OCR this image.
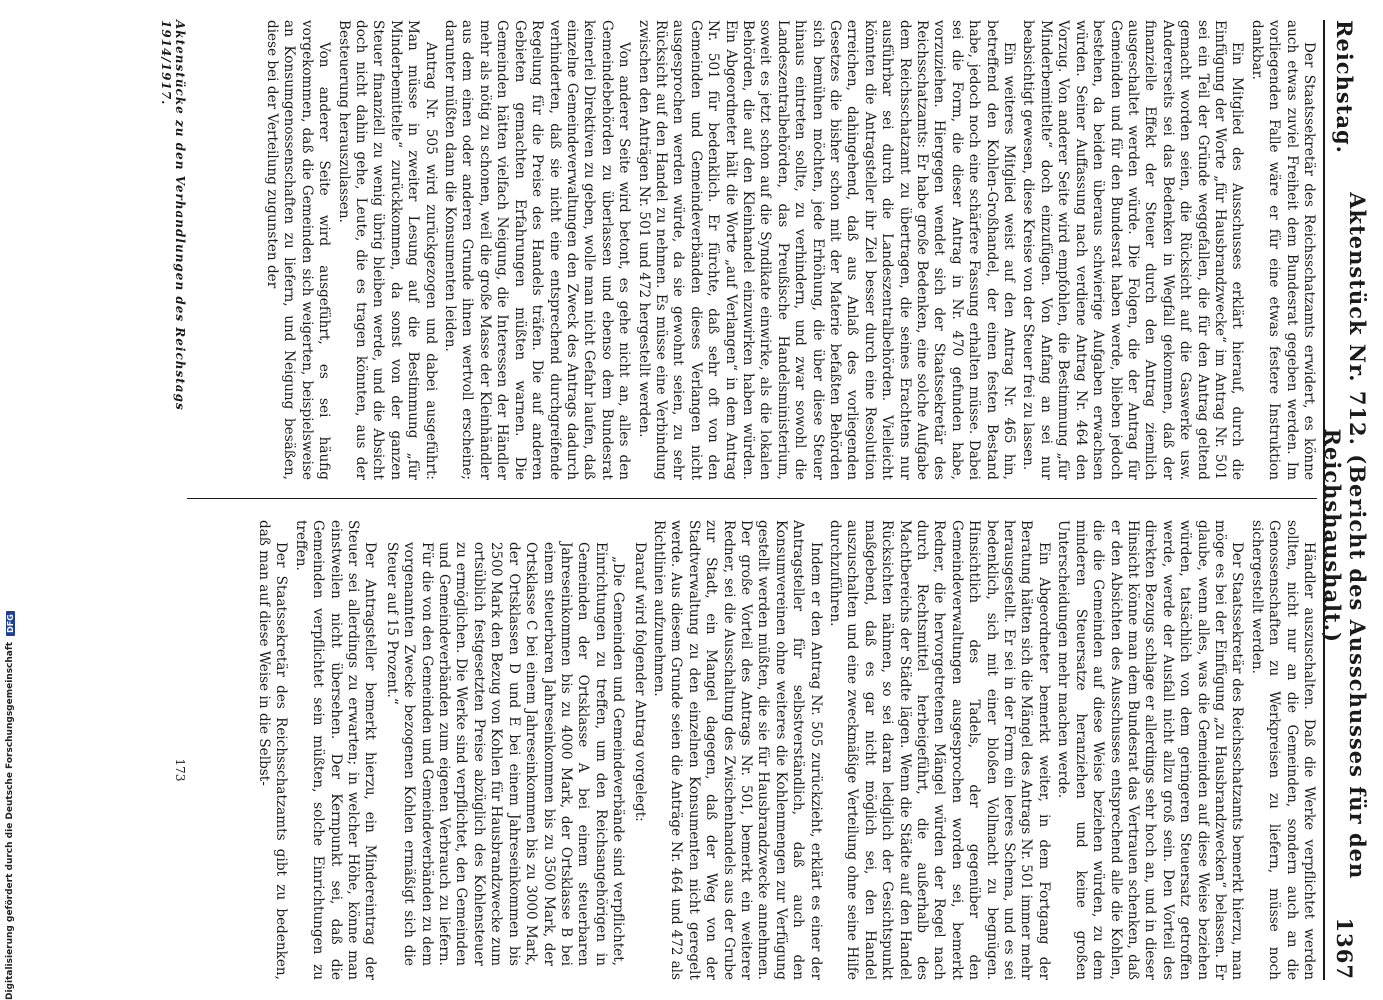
Reichstag.
Aktenstück Nr. 712. (Bericht des Ausschusses für den Reichshaushalt.)
1367

Der Staatssekretär des Reichsschatzamts erwidert, es könne auch etwas zuviel Freiheit dem Bundesrat gegeben werden. Im vorliegenden Falle wäre er für eine etwas festere Instruktion dankbar.

Ein Mitglied des Ausschusses erklärt hierauf, durch die Einfügung der Worte „für Hausbrandzwecke“ im Antrag Nr. 501 sei ein Teil der Gründe weggefallen, die für den Antrag geltend gemacht worden seien, die Rücksicht auf die Gaswerke usw. Andererseits sei das Bedenken in Wegfall gekommen, daß der finanzielle Effekt der Steuer durch den Antrag ziemlich ausgeschaltet werden würde. Die Folgen, die der Antrag für Gemeinden und für den Bundesrat haben werde, blieben jedoch bestehen, da beiden überaus schwierige Aufgaben erwachsen würden. Seiner Auffassung nach verdiene Antrag Nr. 464 den Vorzug. Von anderer Seite wird empfohlen, die Bestimmung „für Minderbemittelte“ doch einzufügen. Von Anfang an sei nur beabsichtigt gewesen, diese Kreise von der Steuer frei zu lassen.

Ein weiteres Mitglied weist auf den Antrag Nr. 465 hin, betreffend den Kohlen-Großhandel, der einen festen Bestand habe, jedoch noch eine schärfere Fassung erhalten müsse. Dabei sei die Form, die dieser Antrag in Nr. 470 gefunden habe, vorzuziehen. Hiergegen wendet sich der Staatssekretär des Reichsschatzamts: Er habe große Bedenken, eine solche Aufgabe dem Reichsschatzamt zu übertragen, die seines Erachtens nur ausführbar sei durch die Landeszentralbehörden. Vielleicht könnten die Antragsteller ihr Ziel besser durch eine Resolution erreichen, dahingehend, daß aus Anlaß des vorliegenden Gesetzes die bisher schon mit der Materie befaßten Behörden sich bemühen möchten, jede Erhöhung, die über diese Steuer hinaus eintreten sollte, zu verhindern, und zwar sowohl die Landeszentralbehörden, das Preußische Handelsministerium, soweit es jetzt schon auf die Syndikate einwirke, als die lokalen Behörden, die auf den Kleinhandel einzuwirken haben würden. Ein Abgeordneter hält die Worte „auf Verlangen“ in dem Antrag Nr. 501 für bedenklich. Er fürchte, daß sehr oft von den Gemeinden und Gemeindeverbänden dieses Verlangen nicht ausgesprochen werden würde, da sie gewohnt seien, zu sehr Rücksicht auf den Handel zu nehmen. Es müsse eine Verbindung zwischen den Anträgen Nr. 501 und 472 hergestellt werden.

Von anderer Seite wird betont, es gehe nicht an, alles den Gemeindebehörden zu überlassen und ebenso dem Bundesrat keinerlei Direktiven zu geben, wolle man nicht Gefahr laufen, daß einzelne Gemeindeverwaltungen den Zweck des Antrags dadurch verhinderten, daß sie nicht eine entsprechend durchgreifende Regelung für die Preise des Handels träfen. Die auf anderen Gebieten gemachten Erfahrungen müßten warnen. Die Gemeinden hätten vielfach Neigung, die Interessen der Händler mehr als nötig zu schonen, weil die große Masse der Kleinhändler aus dem einen oder anderen Grunde ihnen wertvoll erscheine; darunter müßten dann die Konsumenten leiden.

Antrag Nr. 505 wird zurückgezogen und dabei ausgeführt: Man müsse in zweiter Lesung auf die Bestimmung „für Minderbemittelte“ zurückkommen, da sonst von der ganzen Steuer finanziell zu wenig übrig bleiben werde, und die Absicht doch nicht dahin gehe, Leute, die es tragen könnten, aus der Besteuerung herauszulassen.

Von anderer Seite wird ausgeführt, es sei häufig vorgekommen, daß die Gemeinden sich weigerten, beispielsweise an Konsumgenossenschaften zu liefern, und Neigung besäßen, diese bei der Verteilung zugunsten der

Händler auszuschalten. Daß die Werke verpflichtet werden sollten, nicht nur an die Gemeinden, sondern auch an die Genossenschaften zu Werkpreisen zu liefern, müsse noch sichergestellt werden.

Der Staatssekretär des Reichsschatzamts bemerkt hierzu, man möge es bei der Einfügung „zu Hausbrandzwecken“ belassen. Er glaube, wenn alles, was die Gemeinden auf diese Weise beziehen würden, tatsächlich von dem geringeren Steuersatz getroffen werde, werde der Ausfall nicht allzu groß sein. Den Vorteil des direkten Bezugs schlage er allerdings sehr hoch an, und in dieser Hinsicht könne man dem Bundesrat das Vertrauen schenken, daß er den Absichten des Ausschusses entsprechend alle die Kohlen, die die Gemeinden auf diese Weise beziehen würden, zu dem minderen Steuersatze heranziehen und keine großen Unterscheidungen mehr machen werde.

Ein Abgeordneter bemerkt weiter, in dem Fortgang der Beratung hätten sich die Mängel des Antrags Nr. 501 immer mehr herausgestellt. Er sei in der Form ein leeres Schema, und es sei bedenklich, sich mit einer bloßen Vollmacht zu begnügen. Hinsichtlich des Tadels, der gegenüber den Gemeindeverwaltungen ausgesprochen worden sei, bemerkt Redner, die hervorgetretenen Mängel würden der Regel nach durch Rechtsmittel herbeigeführt, die außerhalb des Machtbereichs der Städte lägen. Wenn die Städte auf den Handel Rücksichten nähmen, so sei daran lediglich der Gesichtspunkt maßgebend, daß es gar nicht möglich sei, den Handel auszuschalten und eine zweckmäßige Verteilung ohne seine Hilfe durchzuführen.

Indem er den Antrag Nr. 505 zurückzieht, erklärt es einer der Antragsteller für selbstverständlich, daß auch den Konsumvereinen ohne weiteres die Kohlenmengen zur Verfügung gestellt werden müßten, die sie für Hausbrandzwecke annehmen. Der große Vorteil des Antrags Nr. 501, bemerkt ein weiterer Redner, sei die Ausschaltung des Zwischenhandels aus der Grube zur Stadt, ein Mangel dagegen, daß der Weg von der Stadtverwaltung zu den einzelnen Konsumenten nicht geregelt werde. Aus diesem Grunde seien die Anträge Nr. 464 und 472 als Richtlinien aufzunehmen.

Darauf wird folgender Antrag vorgelegt:

„Die Gemeinden und Gemeindeverbände sind verpflichtet, Einrichtungen zu treffen, um den Reichsangehörigen in Gemeinden der Ortsklasse A bei einem steuerbaren Jahreseinkommen bis zu 4000 Mark, der Ortsklasse B bei einem steuerbaren Jahreseinkommen bis zu 3500 Mark, der Ortsklasse C bei einem Jahreseinkommen bis zu 3000 Mark, der Ortsklassen D und E bei einem Jahreseinkommen bis 2500 Mark den Bezug von Kohlen für Hausbrandzwecke zum ortsüblich festgesetzten Preise abzüglich des Kohlensteuer zu ermöglichen. Die Werke sind verpflichtet, den Gemeinden und Gemeindeverbänden zum eigenen Verbrauch zu liefern. Für die von den Gemeinden und Gemeindeverbänden zu dem vorgenannten Zwecke bezogenen Kohlen ermäßigt sich die Steuer auf 15 Prozent.“

Der Antragsteller bemerkt hierzu, ein Mindereintrag der Steuer sei allerdings zu erwarten; in welcher Höhe, könne man einstweilen nicht übersehen. Der Kernpunkt sei, daß die Gemeinden verpflichtet sein müßten, solche Einrichtungen zu treffen.

Der Staatssekretär des Reichsschatzamts gibt zu bedenken, daß man auf diese Weise in die Selbst-

Aktenstücke zu den Verhandlungen des Reichstags 1914/1917.
173
Digitalisierung gefördert durch die Deutsche Forschungsgemeinschaft
DFG
